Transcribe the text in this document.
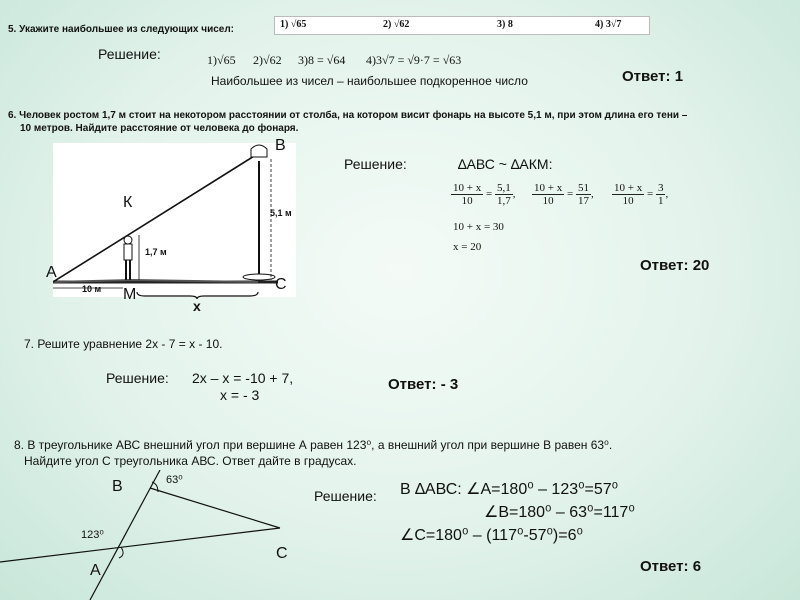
5. Укажите наибольшее из следующих чисел:	1) √65	2) √62	3) 8	4) 3√7
Решение:	1)√65 2)√62 3)8 = √64 4)3√7 = √9·7 = √63
Наибольшее из чисел – наибольшее подкоренное число	Ответ: 1
6. Человек ростом 1,7 м стоит на некотором расстоянии от столба, на котором висит фонарь на высоте 5,1 м, при этом длина его тени –
10 метров. Найдите расстояние от человека до фонаря.
5,1 м
1,7 м
10 м
А
В
С
К
М
х
Решение:	∆АВС ~ ∆АКМ:
$\frac{10 + x}{10} = \frac{5,1}{1,7}$ , $\frac{10 + x}{10} = \frac{51}{17}$ , $\frac{10 + x}{10} = \frac{3}{1}$ ,
10 + x = 30
x = 20
Ответ: 20
7. Решите уравнение 2х - 7 = х - 10.
Решение: 2х – х = -10 + 7,
х = - 3
Ответ: - 3
8. В треугольнике АВС внешний угол при вершине А равен 123⁰, а внешний угол при вершине В равен 63⁰.
Найдите угол С треугольника АВС. Ответ дайте в градусах.
В
А
С
63⁰
123⁰
Решение: В ∆АВС: ∠А=180⁰ – 123⁰=57⁰
∠В=180⁰ – 63⁰=117⁰
∠С=180⁰ – (117⁰-57⁰)=6⁰
Ответ: 6
